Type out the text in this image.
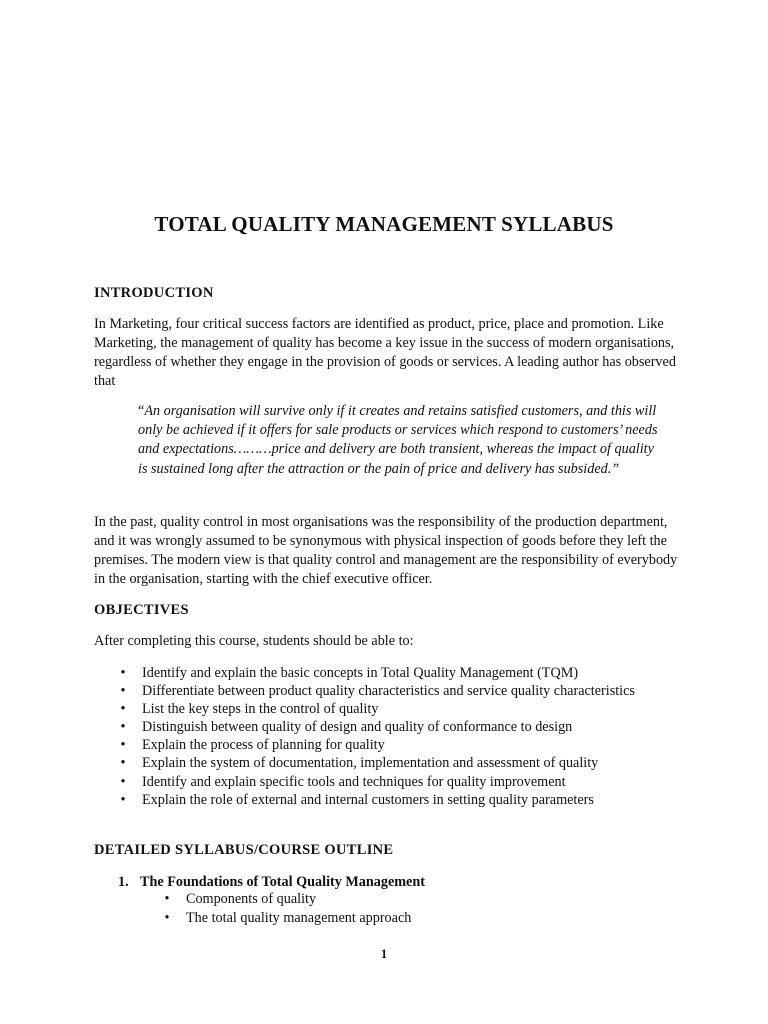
TOTAL QUALITY MANAGEMENT SYLLABUS
INTRODUCTION
In Marketing, four critical success factors are identified as product, price, place and promotion. Like Marketing, the management of quality has become a key issue in the success of modern organisations, regardless of whether they engage in the provision of goods or services. A leading author has observed that
“An organisation will survive only if it creates and retains satisfied customers, and this will only be achieved if it offers for sale products or services which respond to customers’ needs and expectations………price and delivery are both transient, whereas the impact of quality is sustained long after the attraction or the pain of price and delivery has subsided.”
In the past, quality control in most organisations was the responsibility of the production department, and it was wrongly assumed to be synonymous with physical inspection of goods before they left the premises. The modern view is that quality control and management are the responsibility of everybody in the organisation, starting with the chief executive officer.
OBJECTIVES
After completing this course, students should be able to:
• Identify and explain the basic concepts in Total Quality Management (TQM)
• Differentiate between product quality characteristics and service quality characteristics
• List the key steps in the control of quality
• Distinguish between quality of design and quality of conformance to design
• Explain the process of planning for quality
• Explain the system of documentation, implementation and assessment of quality
• Identify and explain specific tools and techniques for quality improvement
• Explain the role of external and internal customers in setting quality parameters
DETAILED SYLLABUS/COURSE OUTLINE
1. The Foundations of Total Quality Management
• Components of quality
• The total quality management approach
1
